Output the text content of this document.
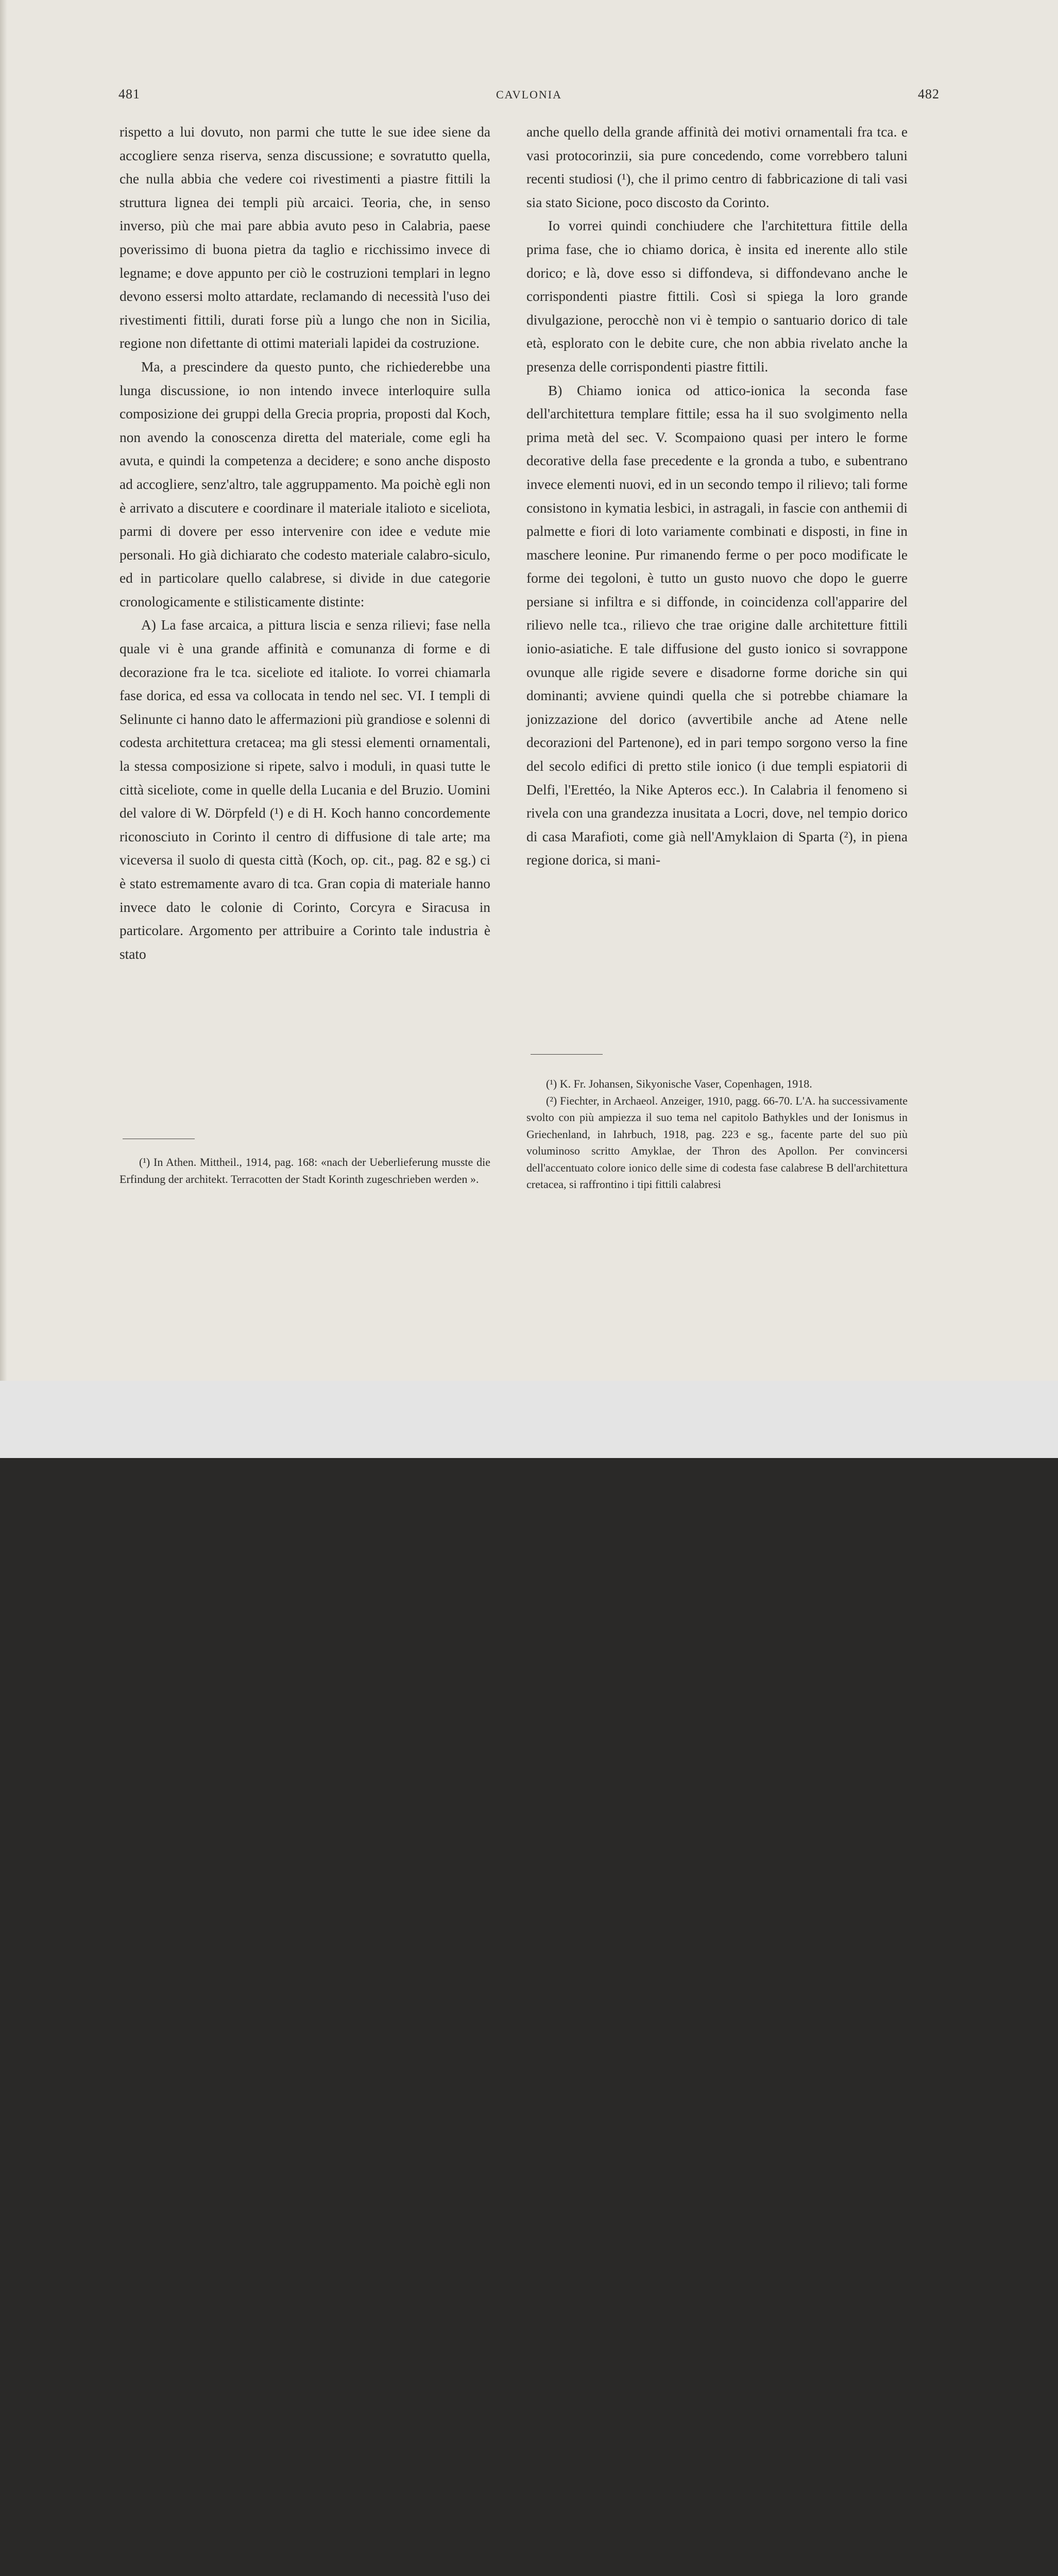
481	CAVLONIA	482

rispetto a lui dovuto, non parmi che tutte le sue idee siene da accogliere senza riserva, senza discussione; e sovratutto quella, che nulla abbia che vedere coi rivestimenti a piastre fittili la struttura lignea dei templi più arcaici. Teoria, che, in senso inverso, più che mai pare abbia avuto peso in Calabria, paese poverissimo di buona pietra da taglio e ricchissimo invece di legname; e dove appunto per ciò le costruzioni templari in legno devono essersi molto attardate, reclamando di necessità l'uso dei rivestimenti fittili, durati forse più a lungo che non in Sicilia, regione non difettante di ottimi materiali lapidei da costruzione.

Ma, a prescindere da questo punto, che richiederebbe una lunga discussione, io non intendo invece interloquire sulla composizione dei gruppi della Grecia propria, proposti dal Koch, non avendo la conoscenza diretta del materiale, come egli ha avuta, e quindi la competenza a decidere; e sono anche disposto ad accogliere, senz'altro, tale aggruppamento. Ma poichè egli non è arrivato a discutere e coordinare il materiale italioto e siceliota, parmi di dovere per esso intervenire con idee e vedute mie personali. Ho già dichiarato che codesto materiale calabro-siculo, ed in particolare quello calabrese, si divide in due categorie cronologicamente e stilisticamente distinte:

A) La fase arcaica, a pittura liscia e senza rilievi; fase nella quale vi è una grande affinità e comunanza di forme e di decorazione fra le tca. siceliote ed italiote. Io vorrei chiamarla fase dorica, ed essa va collocata in tendo nel sec. VI. I templi di Selinunte ci hanno dato le affermazioni più grandiose e solenni di codesta architettura cretacea; ma gli stessi elementi ornamentali, la stessa composizione si ripete, salvo i moduli, in quasi tutte le città siceliote, come in quelle della Lucania e del Bruzio. Uomini del valore di W. Dörpfeld (¹) e di H. Koch hanno concordemente riconosciuto in Corinto il centro di diffusione di tale arte; ma viceversa il suolo di questa città (Koch, op. cit., pag. 82 e sg.) ci è stato estremamente avaro di tca. Gran copia di materiale hanno invece dato le colonie di Corinto, Corcyra e Siracusa in particolare. Argomento per attribuire a Corinto tale industria è stato

(¹) In Athen. Mittheil., 1914, pag. 168: «nach der Ueberlieferung musste die Erfindung der architekt. Terracotten der Stadt Korinth zugeschrieben werden ».

anche quello della grande affinità dei motivi ornamentali fra tca. e vasi protocorinzii, sia pure concedendo, come vorrebbero taluni recenti studiosi (¹), che il primo centro di fabbricazione di tali vasi sia stato Sicione, poco discosto da Corinto.

Io vorrei quindi conchiudere che l'architettura fittile della prima fase, che io chiamo dorica, è insita ed inerente allo stile dorico; e là, dove esso si diffondeva, si diffondevano anche le corrispondenti piastre fittili. Così si spiega la loro grande divulgazione, perocchè non vi è tempio o santuario dorico di tale età, esplorato con le debite cure, che non abbia rivelato anche la presenza delle corrispondenti piastre fittili.

B) Chiamo ionica od attico-ionica la seconda fase dell'architettura templare fittile; essa ha il suo svolgimento nella prima metà del sec. V. Scompaiono quasi per intero le forme decorative della fase precedente e la gronda a tubo, e subentrano invece elementi nuovi, ed in un secondo tempo il rilievo; tali forme consistono in kymatia lesbici, in astragali, in fascie con anthemii di palmette e fiori di loto variamente combinati e disposti, in fine in maschere leonine. Pur rimanendo ferme o per poco modificate le forme dei tegoloni, è tutto un gusto nuovo che dopo le guerre persiane si infiltra e si diffonde, in coincidenza coll'apparire del rilievo nelle tca., rilievo che trae origine dalle architetture fittili ionio-asiatiche. E tale diffusione del gusto ionico si sovrappone ovunque alle rigide severe e disadorne forme doriche sin qui dominanti; avviene quindi quella che si potrebbe chiamare la jonizzazione del dorico (avvertibile anche ad Atene nelle decorazioni del Partenone), ed in pari tempo sorgono verso la fine del secolo edifici di pretto stile ionico (i due templi espiatorii di Delfi, l'Erettéo, la Nike Apteros ecc.). In Calabria il fenomeno si rivela con una grandezza inusitata a Locri, dove, nel tempio dorico di casa Marafioti, come già nell'Amyklaion di Sparta (²), in piena regione dorica, si mani-

(¹) K. Fr. Johansen, Sikyonische Vaser, Copenhagen, 1918.

(²) Fiechter, in Archaeol. Anzeiger, 1910, pagg. 66-70. L'A. ha successivamente svolto con più ampiezza il suo tema nel capitolo Bathykles und der Ionismus in Griechenland, in Iahrbuch, 1918, pag. 223 e sg., facente parte del suo più voluminoso scritto Amyklae, der Thron des Apollon. Per convincersi dell'accentuato colore ionico delle sime di codesta fase calabrese B dell'architettura cretacea, si raffrontino i tipi fittili calabresi
